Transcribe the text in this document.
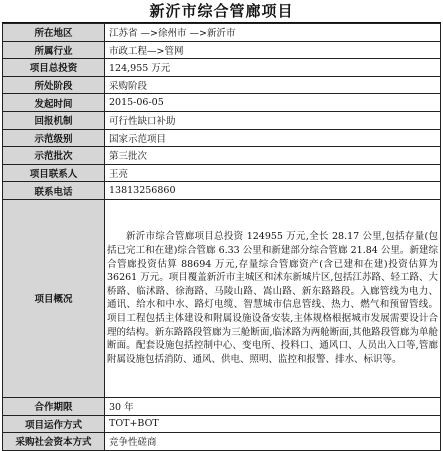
新沂市综合管廊项目
所在地区	江苏省 —>徐州市 —>新沂市
所属行业	市政工程—>管网
项目总投资	124,955 万元
所处阶段	采购阶段
发起时间	2015-06-05
回报机制	可行性缺口补助
示范级别	国家示范项目
示范批次	第三批次
项目联系人	王亮
联系电话	13813256860
项目概况	新沂市综合管廊项目总投资 124955 万元,全长 28.17 公里,包括存量(包括已完工和在建)综合管廊 6.33 公里和新建部分综合管廊 21.84 公里。新建综合管廊投资估算 88694 万元,存量综合管廊资产(含已建和在建)投资估算为 36261 万元。项目覆盖新沂市主城区和沭东新城片区,包括江苏路、轻工路、大桥路、临沭路、徐海路、马陵山路、嵩山路、新东路路段。入廊管线为电力、通讯、给水和中水、路灯电缆、智慧城市信息管线、热力、燃气和预留管线。项目工程包括主体建设和附属设施设备安装,主体规格根据城市发展需要设计合理的结构。新东路路段管廊为三舱断面,临沭路为两舱断面,其他路段管廊为单舱断面。配套设施包括控制中心、变电所、投料口、通风口、人员出入口等,管廊附属设施包括消防、通风、供电、照明、监控和报警、排水、标识等。
合作期限	30 年
项目运作方式	TOT+BOT
采购社会资本方式	竞争性磋商
